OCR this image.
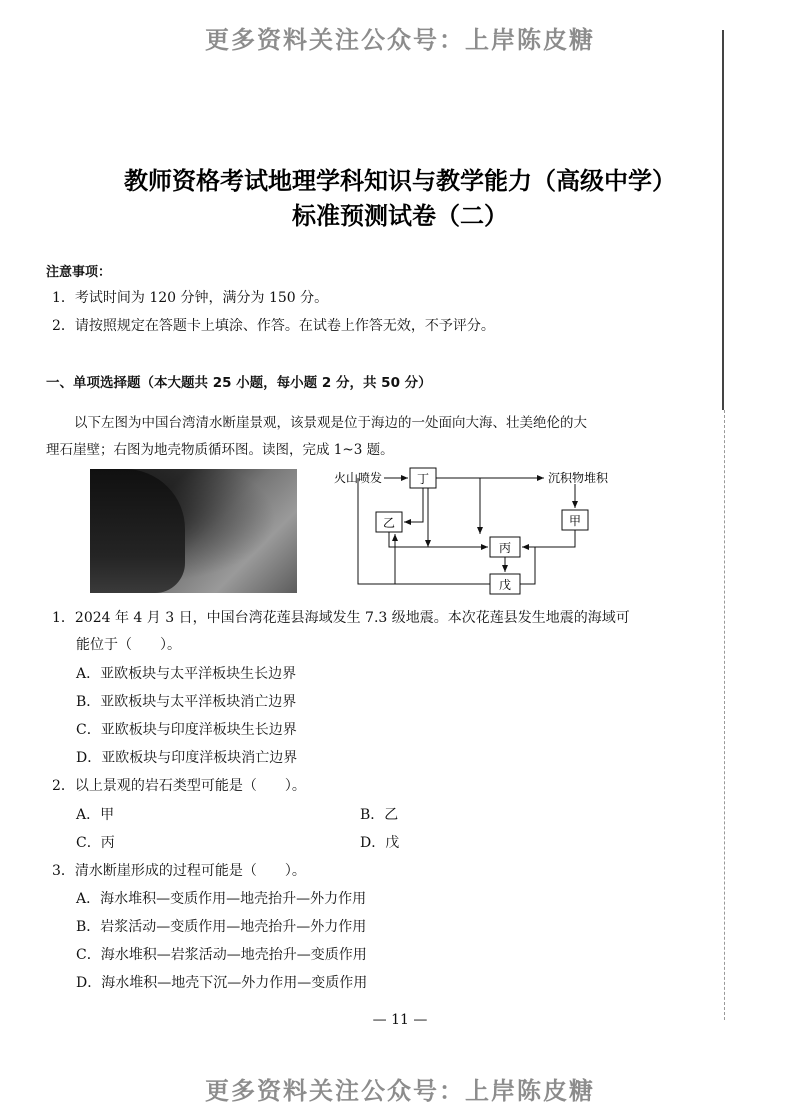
更多资料关注公众号：上岸陈皮糖
更多资料关注公众号：上岸陈皮糖
教师资格考试地理学科知识与教学能力（高级中学）
标准预测试卷（二）
注意事项：
1．考试时间为 120 分钟，满分为 150 分。
2．请按照规定在答题卡上填涂、作答。在试卷上作答无效，不予评分。
一、单项选择题（本大题共 25 小题，每小题 2 分，共 50 分）
以下左图为中国台湾清水断崖景观，该景观是位于海边的一处面向大海、壮美绝伦的大
理石崖壁；右图为地壳物质循环图。读图，完成 1~3 题。
丁
乙	甲
丙
戊
火山喷发	沉积物堆积
1．2024 年 4 月 3 日，中国台湾花莲县海域发生 7.3 级地震。本次花莲县发生地震的海域可
能位于（　　）。
A．亚欧板块与太平洋板块生长边界
B．亚欧板块与太平洋板块消亡边界
C．亚欧板块与印度洋板块生长边界
D．亚欧板块与印度洋板块消亡边界
2．以上景观的岩石类型可能是（　　）。
A．甲	B．乙
C．丙	D．戊
3．清水断崖形成的过程可能是（　　）。
A．海水堆积—变质作用—地壳抬升—外力作用
B．岩浆活动—变质作用—地壳抬升—外力作用
C．海水堆积—岩浆活动—地壳抬升—变质作用
D．海水堆积—地壳下沉—外力作用—变质作用
— 11 —
